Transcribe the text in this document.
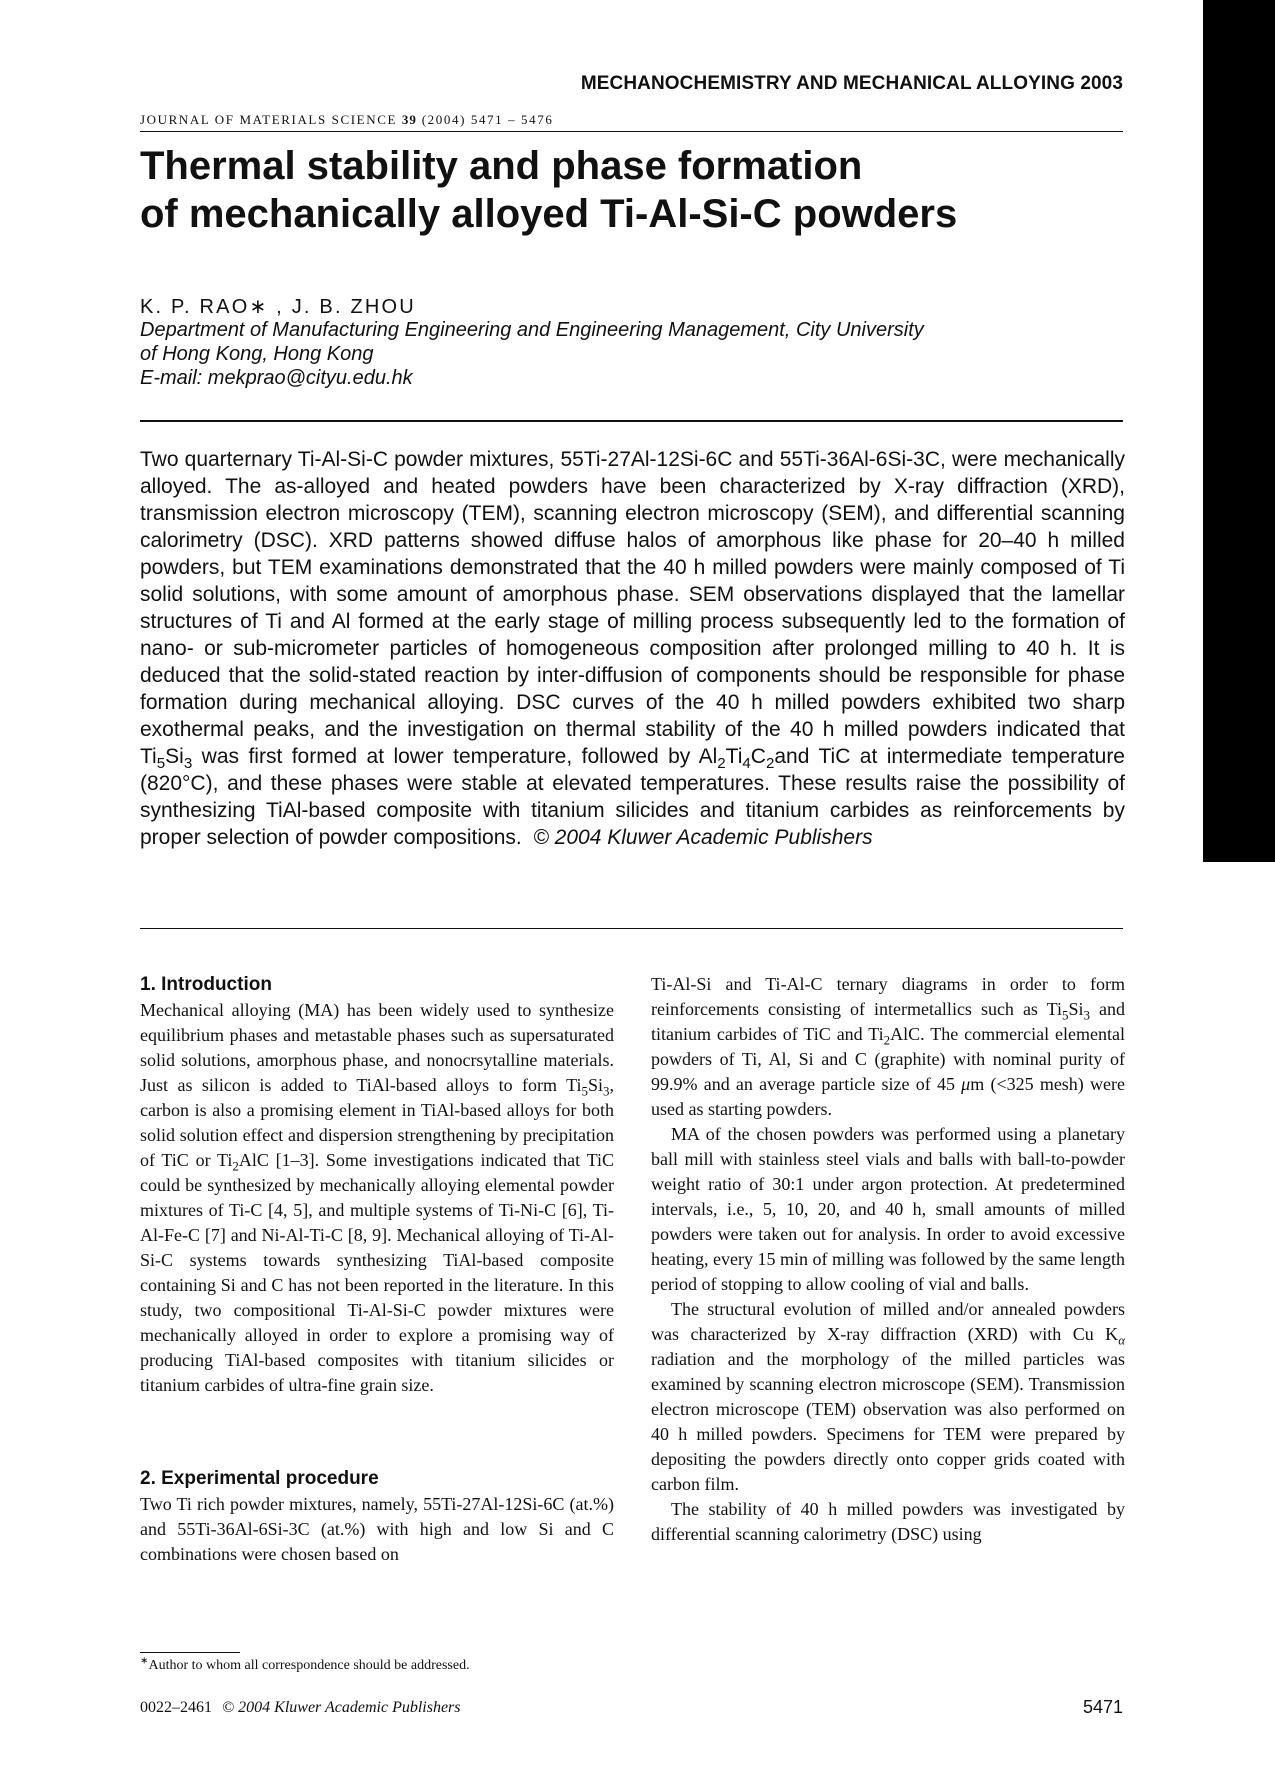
MECHANOCHEMISTRY AND MECHANICAL ALLOYING 2003
JOURNAL OF MATERIALS SCIENCE 39 (2004) 5471 – 5476
Thermal stability and phase formation
of mechanically alloyed Ti-Al-Si-C powders
K. P. RAO∗ , J. B. ZHOU
Department of Manufacturing Engineering and Engineering Management, City University
of Hong Kong, Hong Kong
E-mail: mekprao@cityu.edu.hk

Two quarternary Ti-Al-Si-C powder mixtures, 55Ti-27Al-12Si-6C and 55Ti-36Al-6Si-3C, were mechanically alloyed. The as-alloyed and heated powders have been characterized by X-ray diffraction (XRD), transmission electron microscopy (TEM), scanning electron microscopy (SEM), and differential scanning calorimetry (DSC). XRD patterns showed diffuse halos of amorphous like phase for 20–40 h milled powders, but TEM examinations demonstrated that the 40 h milled powders were mainly composed of Ti solid solutions, with some amount of amorphous phase. SEM observations displayed that the lamellar structures of Ti and Al formed at the early stage of milling process subsequently led to the formation of nano- or sub-micrometer particles of homogeneous composition after prolonged milling to 40 h. It is deduced that the solid-stated reaction by inter-diffusion of components should be responsible for phase formation during mechanical alloying. DSC curves of the 40 h milled powders exhibited two sharp exothermal peaks, and the investigation on thermal stability of the 40 h milled powders indicated that $Ti_5Si_3$ was first formed at lower temperature, followed by $Al_2Ti_4C_2and$ TiC at intermediate temperature (820°C), and these phases were stable at elevated temperatures. These results raise the possibility of synthesizing TiAl-based composite with titanium silicides and titanium carbides as reinforcements by proper selection of powder compositions. © 2004 Kluwer Academic Publishers

1. Introduction

Mechanical alloying (MA) has been widely used to synthesize equilibrium phases and metastable phases such as supersaturated solid solutions, amorphous phase, and nonocrsytalline materials. Just as silicon is added to TiAl-based alloys to form $Ti_5Si_3$, carbon is also a promising element in TiAl-based alloys for both solid solution effect and dispersion strengthening by precipitation of TiC or $Ti_2AlC$ [1–3]. Some investigations indicated that TiC could be synthesized by mechanically alloying elemental powder mixtures of Ti-C [4, 5], and multiple systems of Ti-Ni-C [6], Ti-Al-Fe-C [7] and Ni-Al-Ti-C [8, 9]. Mechanical alloying of Ti-Al-Si-C systems towards synthesizing TiAl-based composite containing Si and C has not been reported in the literature. In this study, two compositional Ti-Al-Si-C powder mixtures were mechanically alloyed in order to explore a promising way of producing TiAl-based composites with titanium silicides or titanium carbides of ultra-fine grain size.

2. Experimental procedure

Two Ti rich powder mixtures, namely, 55Ti-27Al-12Si-6C (at.%) and 55Ti-36Al-6Si-3C (at.%) with high and low Si and C combinations were chosen based on

Ti-Al-Si and Ti-Al-C ternary diagrams in order to form reinforcements consisting of intermetallics such as $Ti_5Si_3$ and titanium carbides of TiC and $Ti_2AlC$. The commercial elemental powders of Ti, Al, Si and C (graphite) with nominal purity of 99.9% and an average particle size of 45 μm (<325 mesh) were used as starting powders.

MA of the chosen powders was performed using a planetary ball mill with stainless steel vials and balls with ball-to-powder weight ratio of 30:1 under argon protection. At predetermined intervals, i.e., 5, 10, 20, and 40 h, small amounts of milled powders were taken out for analysis. In order to avoid excessive heating, every 15 min of milling was followed by the same length period of stopping to allow cooling of vial and balls.

The structural evolution of milled and/or annealed powders was characterized by X-ray diffraction (XRD) with Cu $K_\alpha$ radiation and the morphology of the milled particles was examined by scanning electron microscope (SEM). Transmission electron microscope (TEM) observation was also performed on 40 h milled powders. Specimens for TEM were prepared by depositing the powders directly onto copper grids coated with carbon film.

The stability of 40 h milled powders was investigated by differential scanning calorimetry (DSC) using

∗Author to whom all correspondence should be addressed.
0022–2461 © 2004 Kluwer Academic Publishers	5471
